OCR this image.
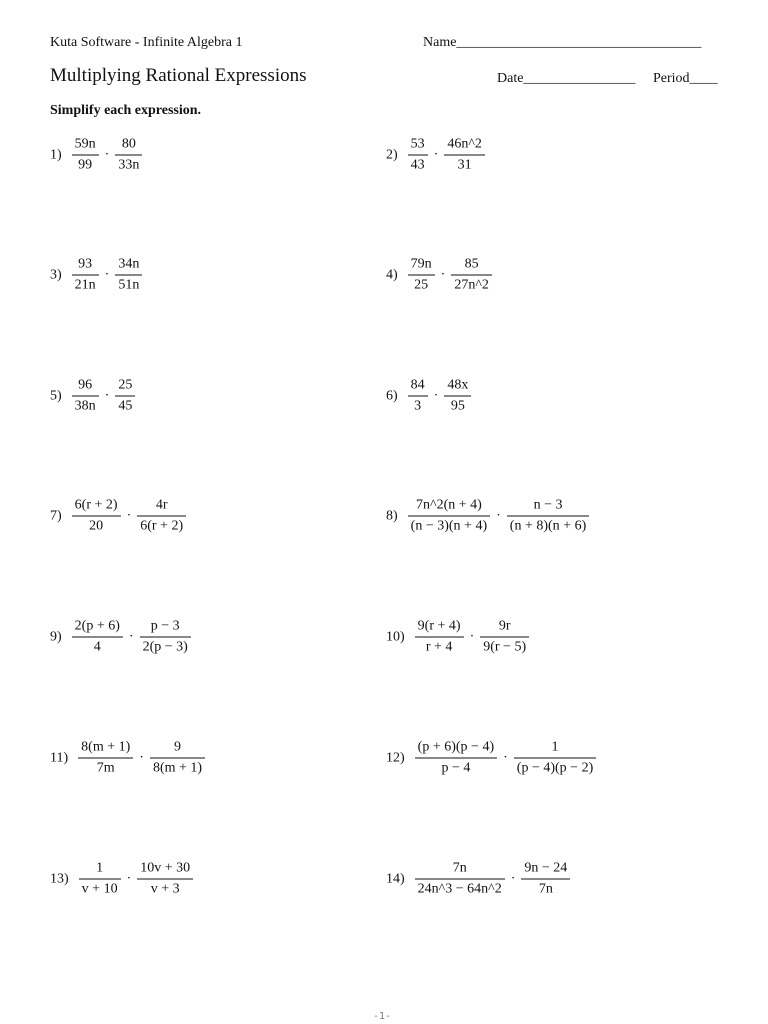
Kuta Software - Infinite Algebra 1	Name___________________________________
Multiplying Rational Expressions	Date________________ Period____
Simplify each expression.
$1) \frac{59n}{99} \cdot \frac{80}{33n}$	$2) \frac{53}{43} \cdot \frac{46n\^{}2}{31}$
$3) \frac{93}{21n} \cdot \frac{34n}{51n}$	$4) \frac{79n}{25} \cdot \frac{85}{27n\^{}2}$
$5) \frac{96}{38n} \cdot \frac{25}{45}$	$6) \frac{84}{3} \cdot \frac{48x}{95}$
$7) \frac{6(r + 2)}{20} \cdot \frac{4r}{6(r + 2)}$	$8) \frac{7n\^{}2(n + 4)}{(n - 3)(n + 4)} \cdot \frac{n - 3}{(n + 8)(n + 6)}$
$9) \frac{2(p + 6)}{4} \cdot \frac{p - 3}{2(p - 3)}$	$10) \frac{9(r + 4)}{r + 4} \cdot \frac{9r}{9(r - 5)}$
$11) \frac{8(m + 1)}{7m} \cdot \frac{9}{8(m + 1)}$	$12) \frac{(p + 6)(p - 4)}{p - 4} \cdot \frac{1}{(p - 4)(p - 2)}$
$13) \frac{1}{v + 10} \cdot \frac{10v + 30}{v + 3}$	$14) \frac{7n}{24n\^{}3 - 64n\^{}2} \cdot \frac{9n - 24}{7n}$
-1-
